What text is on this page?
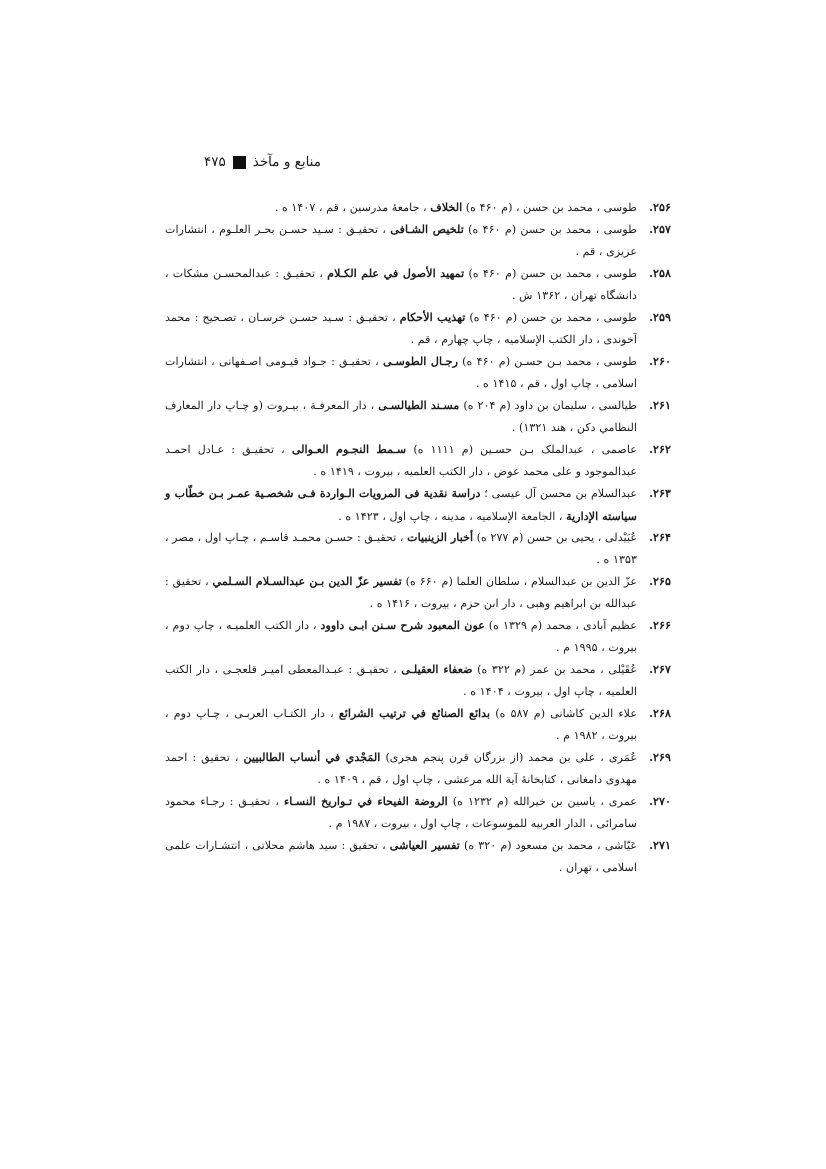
منابع و مآخذ
۴۷۵
۲۵۶.
طوسی ، محمد بن حسن ، (م ۴۶۰ ه) الخلاف ، جامعهٔ مدرسین ، قم ، ۱۴۰۷ ه .
۲۵۷.
طوسی ، محمد بن حسن (م ۴۶۰ ه) تلخیص الشـافی ، تحقیـق : سـید حسـن بحـر العلـوم ، انتشارات عزیزی ، قم .
۲۵۸.
طوسی ، محمد بن حسن (م ۴۶۰ ه) تمهید الأصول في علم الكـلام ، تحقیـق : عبدالمحسـن مشکات ، دانشگاه تهران ، ۱۳۶۲ ش .
۲۵۹.
طوسی ، محمد بن حسن (م ۴۶۰ ه) تهذیب الأحکام ، تحقیـق : سـید حسـن خرسـان ، تصـحیح : محمد آخوندی ، دار الکتب الإسلامیه ، چاپ چهارم ، قم .
۲۶۰.
طوسی ، محمد بـن حسـن (م ۴۶۰ ه) رجـال الطوسـی ، تحقیـق : جـواد قیـومی اصـفهانی ، انتشارات اسلامی ، چاپ اول ، قم ، ۱۴۱۵ ه .
۲۶۱.
طیالسی ، سلیمان بن داود (م ۲۰۴ ه) مسـند الطیالسـی ، دار المعرفـة ، بیـروت (و چـاپ دار المعارف النظامي دکن ، هند ۱۳۲۱) .
۲۶۲.
عاصمی ، عبدالملک بـن حسـین (م ۱۱۱۱ ه) سـمط النجـوم العـوالی ، تحقیـق : عـادل احمـد عبدالموجود و علی محمد عوض ، دار الکتب العلمیه ، بیروت ، ۱۴۱۹ ه .
۲۶۳.
عبدالسلام بن محسن آل عیسی ؛ دراسة نقدیة فی المرویات الـواردة فـی شخصـیة عمـر بـن خطّاب و سیاسته الإداریة ، الجامعة الإسلامیه ، مدینه ، چاپ اول ، ۱۴۲۳ ه .
۲۶۴.
عُبَیْدلی ، یحیی بن حسن (م ۲۷۷ ه) أخبار الزینبیات ، تحقیـق : حسـن محمـد قاسـم ، چـاپ اول ، مصر ، ۱۳۵۳ ه .
۲۶۵.
عزّ الدین بن عبدالسلام ، سلطان العلما (م ۶۶۰ ه) تفسیر عزّ الدین بـن عبدالسـلام السـلمي ، تحقیق : عبدالله بن ابراهیم وهبی ، دار ابن حزم ، بیروت ، ۱۴۱۶ ه .
۲۶۶.
عظیم آبادی ، محمد (م ۱۳۲۹ ه) عون المعبود شرح سـنن ابـی داوود ، دار الکتب العلمیـه ، چاپ دوم ، بیروت ، ۱۹۹۵ م .
۲۶۷.
عُقَیْلی ، محمد بن عمر (م ۳۲۲ ه) ضعفاء العقیلـی ، تحقیـق : عبـدالمعطی امیـر قلعجـی ، دار الکتب العلمیه ، چاپ اول ، بیروت ، ۱۴۰۴ ه .
۲۶۸.
علاء الدین کاشانی (م ۵۸۷ ه) بدائع الصنائع في ترتیب الشرائع ، دار الکتـاب العربـی ، چـاپ دوم ، بیروت ، ۱۹۸۲ م .
۲۶۹.
عُمَری ، علی بن محمد (از بزرگان قرن پنجم هجری) المَجْدي في أنساب الطالبیین ، تحقیق : احمد مهدوی دامغانی ، کتابخانهٔ آیة الله مرعشی ، چاپ اول ، قم ، ۱۴۰۹ ه .
۲۷۰.
عمری ، یاسین بن خیرالله (م ۱۲۳۲ ه) الروضة الفیحاء في تـواریخ النسـاء ، تحقیـق : رجـاء محمود سامرائی ، الدار العربیه للموسوعات ، چاپ اول ، بیروت ، ۱۹۸۷ م .
۲۷۱.
عَیّاشی ، محمد بن مسعود (م ۳۲۰ ه) تفسیر العیاشی ، تحقیق : سید هاشم محلاتی ، انتشـارات علمی اسلامی ، تهران .
